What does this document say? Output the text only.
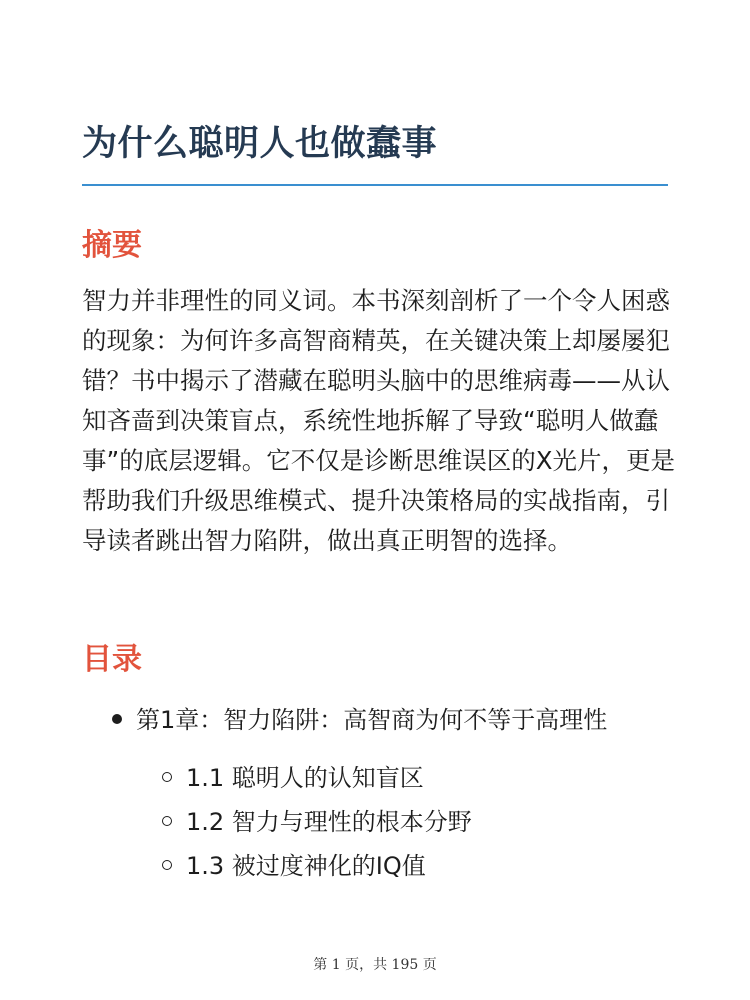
为什么聪明人也做蠢事
摘要

智力并非理性的同义词。本书深刻剖析了一个令人困惑的现象：为何许多高智商精英，在关键决策上却屡屡犯错？书中揭示了潜藏在聪明头脑中的思维病毒——从认知吝啬到决策盲点，系统性地拆解了导致“聪明人做蠢事”的底层逻辑。它不仅是诊断思维误区的X光片，更是帮助我们升级思维模式、提升决策格局的实战指南，引导读者跳出智力陷阱，做出真正明智的选择。

目录
第1章：智力陷阱：高智商为何不等于高理性
1.1 聪明人的认知盲区
1.2 智力与理性的根本分野
1.3 被过度神化的IQ值
第 1 页，共 195 页
